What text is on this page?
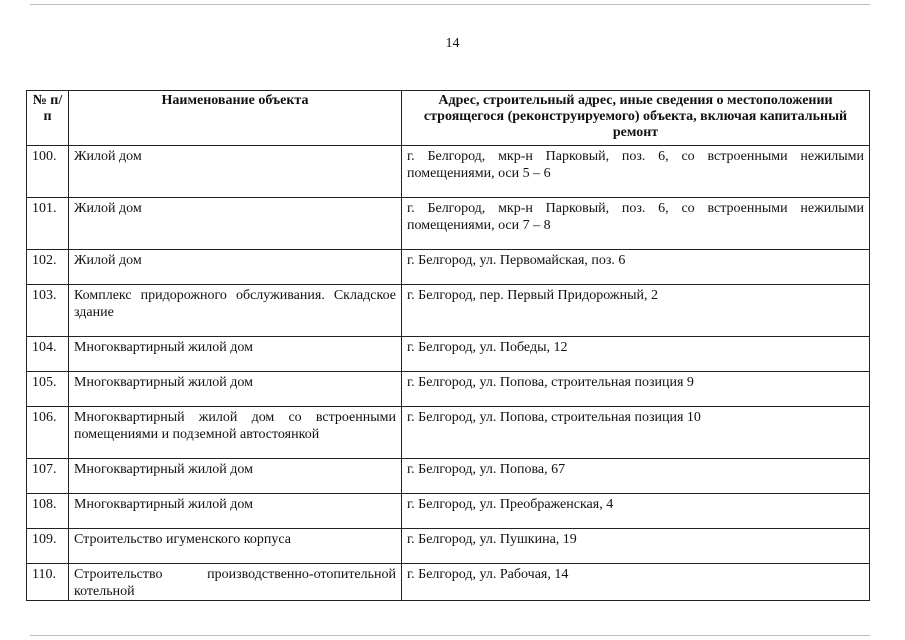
14
№ п/п	Наименование объекта	Адрес, строительный адрес, иные сведения о местоположении строящегося (реконструируемого) объекта, включая капитальный ремонт
100.	Жилой дом	г. Белгород, мкр-н Парковый, поз. 6, со встроенными нежилыми помещениями, оси 5 – 6
101.	Жилой дом	г. Белгород, мкр-н Парковый, поз. 6, со встроенными нежилыми помещениями, оси 7 – 8
102.	Жилой дом	г. Белгород, ул. Первомайская, поз. 6
103.	Комплекс придорожного обслуживания. Складское здание	г. Белгород, пер. Первый Придорожный, 2
104.	Многоквартирный жилой дом	г. Белгород, ул. Победы, 12
105.	Многоквартирный жилой дом	г. Белгород, ул. Попова, строительная позиция 9
106.	Многоквартирный жилой дом со встроенными помещениями и подземной автостоянкой	г. Белгород, ул. Попова, строительная позиция 10
107.	Многоквартирный жилой дом	г. Белгород, ул. Попова, 67
108.	Многоквартирный жилой дом	г. Белгород, ул. Преображенская, 4
109.	Строительство игуменского корпуса	г. Белгород, ул. Пушкина, 19
110.	Строительство производственно-отопительной котельной	г. Белгород, ул. Рабочая, 14
